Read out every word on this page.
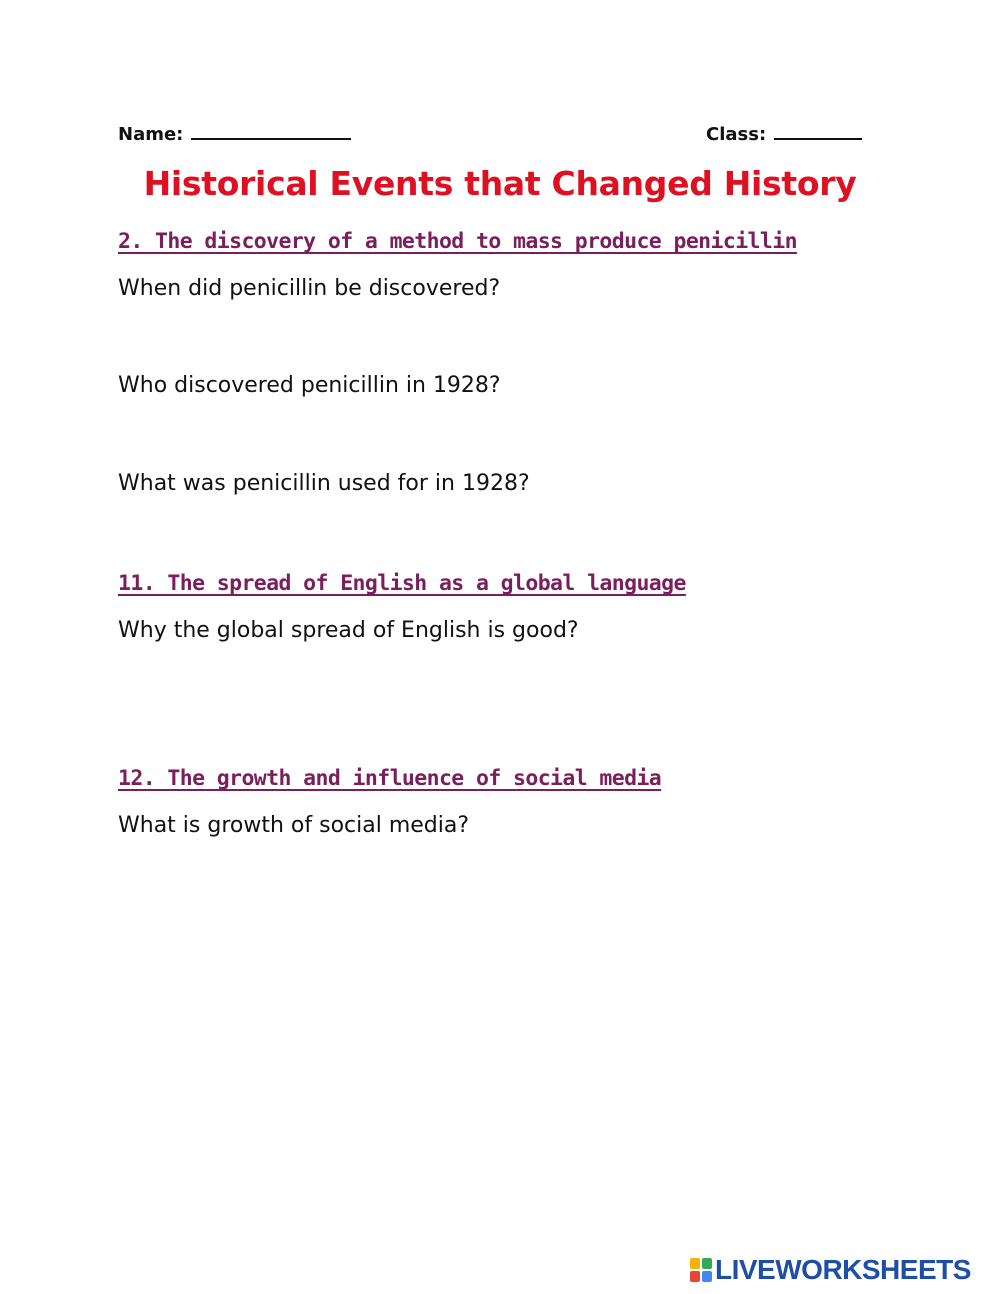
Name:	Class:
Historical Events that Changed History
2. The discovery of a method to mass produce penicillin
When did penicillin be discovered?
Who discovered penicillin in 1928?
What was penicillin used for in 1928?
11. The spread of English as a global language
Why the global spread of English is good?
12. The growth and influence of social media
What is growth of social media?
LIVEWORKSHEETS
